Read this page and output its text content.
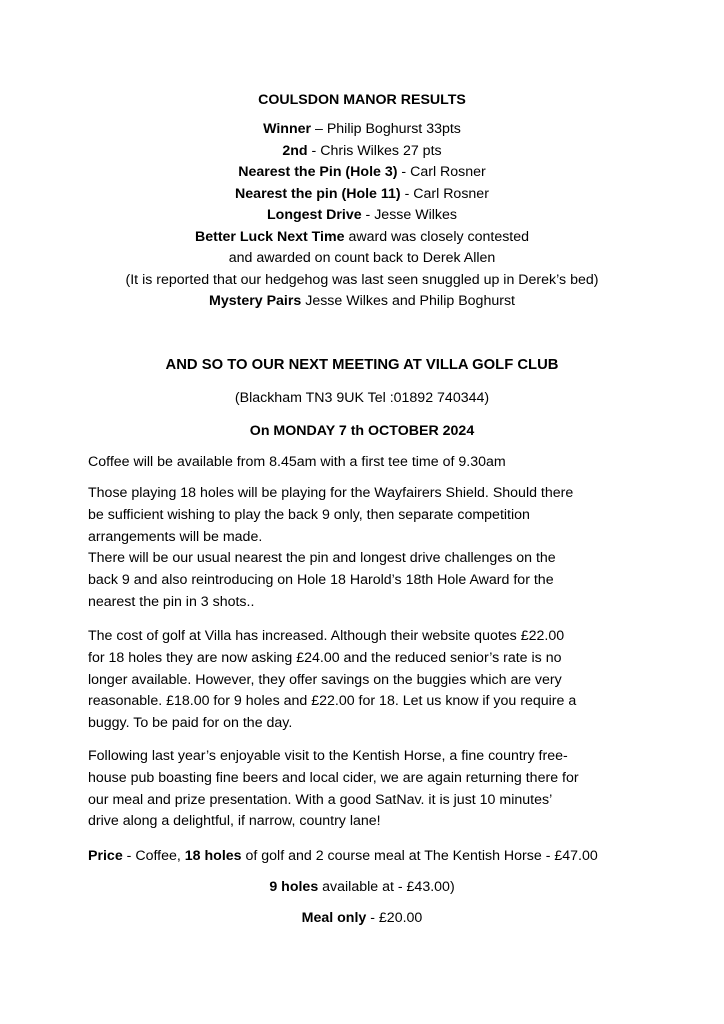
COULSDON MANOR RESULTS

Winner – Philip Boghurst 33pts

2nd - Chris Wilkes 27 pts

Nearest the Pin (Hole 3) - Carl Rosner

Nearest the pin (Hole 11) - Carl Rosner

Longest Drive - Jesse Wilkes

Better Luck Next Time award was closely contested

and awarded on count back to Derek Allen

(It is reported that our hedgehog was last seen snuggled up in Derek’s bed)

Mystery Pairs Jesse Wilkes and Philip Boghurst

AND SO TO OUR NEXT MEETING AT VILLA GOLF CLUB
(Blackham TN3 9UK Tel :01892 740344)
On MONDAY 7 th OCTOBER 2024

Coffee will be available from 8.45am with a first tee time of 9.30am

Those playing 18 holes will be playing for the Wayfairers Shield. Should there

be sufficient wishing to play the back 9 only, then separate competition

arrangements will be made.

There will be our usual nearest the pin and longest drive challenges on the

back 9 and also reintroducing on Hole 18 Harold’s 18th Hole Award for the

nearest the pin in 3 shots..

The cost of golf at Villa has increased. Although their website quotes £22.00

for 18 holes they are now asking £24.00 and the reduced senior’s rate is no

longer available. However, they offer savings on the buggies which are very

reasonable. £18.00 for 9 holes and £22.00 for 18. Let us know if you require a

buggy. To be paid for on the day.

Following last year’s enjoyable visit to the Kentish Horse, a fine country free-

house pub boasting fine beers and local cider, we are again returning there for

our meal and prize presentation. With a good SatNav. it is just 10 minutes’

drive along a delightful, if narrow, country lane!

Price - Coffee, 18 holes of golf and 2 course meal at The Kentish Horse - £47.00
9 holes available at - £43.00)
Meal only - £20.00
